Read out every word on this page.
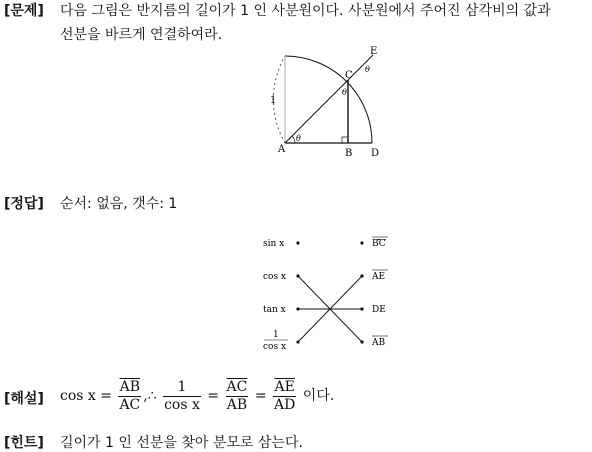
[문제] 다음 그림은 반지름의 길이가 1 인 사분원이다. 사분원에서 주어진 삼각비의 값과
선분을 바르게 연결하여라.
E
C
A	B D
1
θ
θ
θ
[정답] 순서: 없음, 갯수: 1
sin x
cos x
tan x
1
cos x
BC
AE
DE
AB
[해설] $\cos x = \frac{\overline{AB}}{AC}$ ,∴ $\frac{1}{\text{cos x}} = \frac{\overline{AC}}{AB} = \frac{\overline{AE}}{AD}$ 이다.
[힌트] 길이가 1 인 선분을 찾아 분모로 삼는다.
